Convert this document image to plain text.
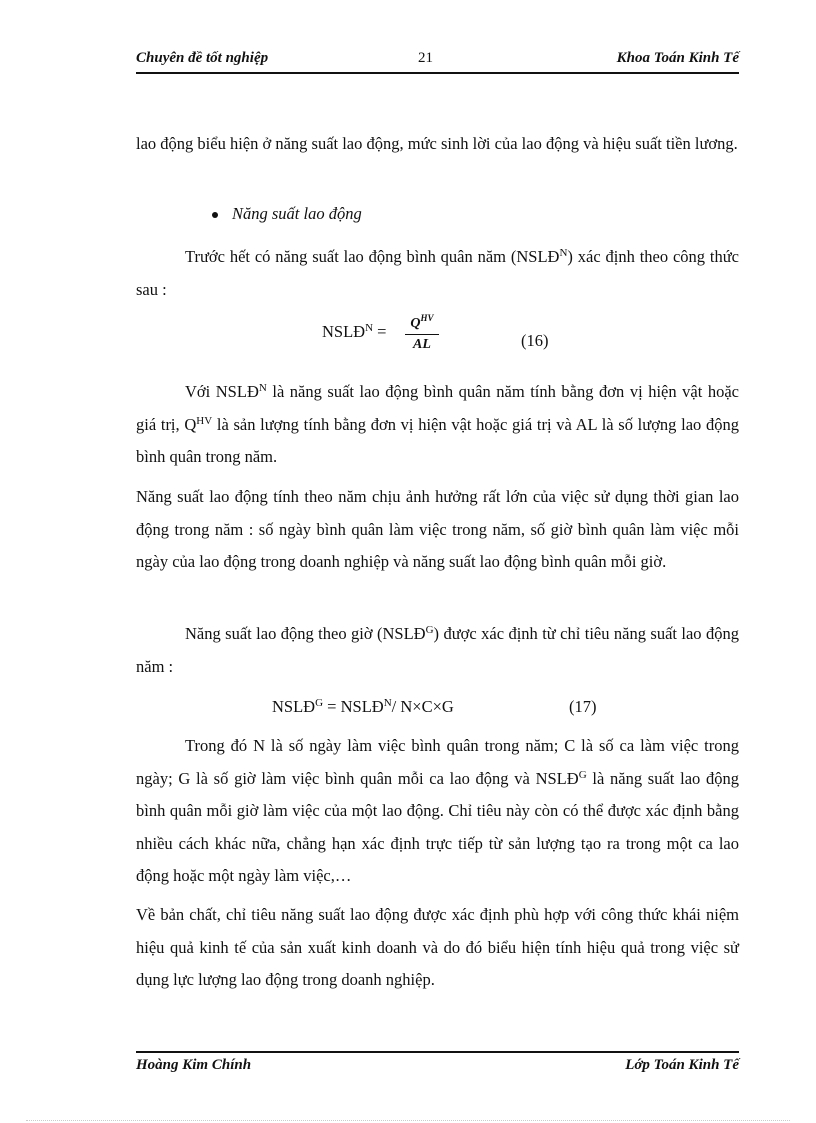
Chuyên đề tốt nghiệp	21	Khoa Toán Kinh Tế

lao động biểu hiện ở năng suất lao động, mức sinh lời của lao động và hiệu suất tiền lương.

Năng suất lao động

Trước hết có năng suất lao động bình quân năm $(NSLĐ^N)$ xác định theo công thức sau :

$NSLĐ^N$ =	$Q^{HV}$
AL	(16)

Với $NSLĐ^N$ là năng suất lao động bình quân năm tính bằng đơn vị hiện vật hoặc giá trị, $Q^{HV}$ là sản lượng tính bằng đơn vị hiện vật hoặc giá trị và AL là số lượng lao động bình quân trong năm.

Năng suất lao động tính theo năm chịu ảnh hưởng rất lớn của việc sử dụng thời gian lao động trong năm : số ngày bình quân làm việc trong năm, số giờ bình quân làm việc mỗi ngày của lao động trong doanh nghiệp và năng suất lao động bình quân mỗi giờ.

Năng suất lao động theo giờ $(NSLĐ^G)$ được xác định từ chỉ tiêu năng suất lao động năm :

$NSLĐ^G$ = $NSLĐ^N/$ N×C×G	(17)

Trong đó N là số ngày làm việc bình quân trong năm; C là số ca làm việc trong ngày; G là số giờ làm việc bình quân mỗi ca lao động và $NSLĐ^G$ là năng suất lao động bình quân mỗi giờ làm việc của một lao động. Chỉ tiêu này còn có thể được xác định bằng nhiều cách khác nữa, chẳng hạn xác định trực tiếp từ sản lượng tạo ra trong một ca lao động hoặc một ngày làm việc,…

Về bản chất, chỉ tiêu năng suất lao động được xác định phù hợp với công thức khái niệm hiệu quả kinh tế của sản xuất kinh doanh và do đó biểu hiện tính hiệu quả trong việc sử dụng lực lượng lao động trong doanh nghiệp.

Hoàng Kim Chính	Lớp Toán Kinh Tế
